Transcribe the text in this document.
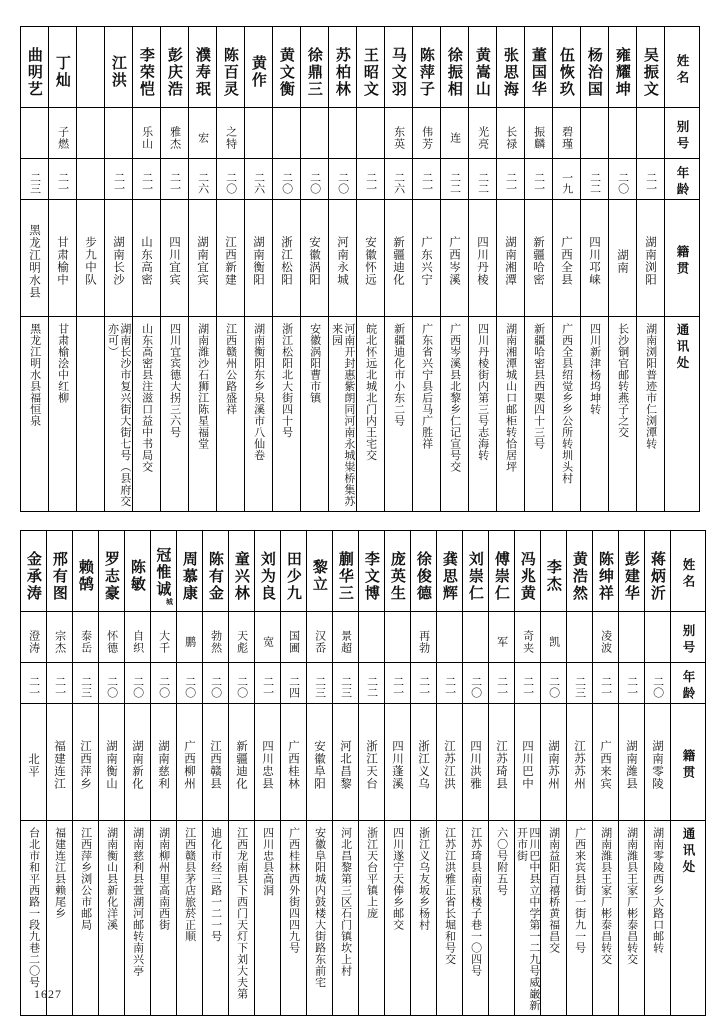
曲明艺	丁灿		江洪	李荣恺	彭庆浩	濮寿珉	陈百灵	黄作	黄文衡	徐鼎三	苏柏林	王昭文	马文羽	陈萍子	徐振相	黄嵩山	张思海	董国华	伍恢玖	杨治国	雍耀坤	吴振文	姓名

	子燃			乐山	雅杰	宏	之特						东英	伟芳	连	光亮	长禄	振麟	碧瑾				别号

二三	二一		二一	二一	二一	二六	二〇	二六	二〇	二〇	二〇	二一	二六	二一	二二	二二	二一	二一	一九	二二	二〇	二一	年龄

黑龙江明水县	甘肃榆中	步九中队	湖南长沙	山东高密	四川宜宾	湖南宜宾	江西新建	湖南衡阳	浙江松阳	安徽涡阳	河南永城	安徽怀远	新疆迪化	广东兴宁	广西岑溪	四川丹棱	湖南湘潭	新疆哈密	广西全县	四川邛崃	湖南	湖南浏阳	籍贯

黑龙江明水县福恒泉	甘肃榆浍中红柳		湖南长沙市复兴街大街七号（县府交亦可）	山东高密县注滋口益中书局交	四川宜宾德大拐三六号	湖南潍沙石狮江陈星福堂	江西赣州公路盛祥	湖南衡阳东乡泉溪市八仙卷	浙江松阳北大街四十号	安徽涡阳曹市镇	河南开封惠紫朗同河南永城粜桥集苏来园	皖北怀远北城北门内王宅交	新疆迪化市小东二号	广东省兴宁县后马广胜祥	广西岑溪县北黎乡仁记宣号交	四川丹棱街内第三号志海转	湖南湘潭城山口邮柜转恰居坪	新疆哈密县西栗四十三号	广西全县绍觉乡乡公所转圳头村	四川新津杨坞坤转	长沙铜官邮转燕子之交	湖南浏阳普迹市仁浏潭转	通讯处
金承涛	邢有图	赖鹄	罗志豪	陈敏	冠惟诚$^城$	周慕康	陈有金	童兴林	刘为良	田少九	黎立	蒯华三	李文博	庞英生	徐俊德	龚思辉	刘崇仁	傅崇仁	冯兆黄	李杰	黄浩然	陈绅祥	彭建华	蒋炳沂	姓名

澄涛	宗杰	泰岳	怀德	自织	大千	鹏	勃然	天彪	宽	国圃	汉岙	景超			再勃			军	奇夹	凯		凌波			别号

二一	二一	二三	二〇	二〇	二〇	二〇	二〇	二〇	二一	二四	二三	二三	二二	二一	二一	二一	二〇	二一	二一	二〇	二三	二一	二一	二〇	年龄

北平	福建连江	江西萍乡	湖南衡山	湖南新化	湖南慈利	广西柳州	江西赣县	新疆迪化	四川忠县	广西桂林	安徽阜阳	河北昌黎	浙江天台	四川蓬溪	浙江义乌	江苏江洪	四川洪雅	江苏琦县	四川巴中	湖南苏州	江苏苏州	广西来宾	湖南潍县	湖南零陵	籍贯

台北市和平西路一段九巷二〇号	福建连江县赖尾乡	江西萍乡浏公市邮局	湖南衡山县新化洋溪	湖南慈利县萱湖河邮转南兴亭	湖南柳州里高南西街	江西赣县茅店旅菸正顺	迪化市经三路一二一号	江西龙南县下西门天灯下刘大夫第	四川忠县高洞	广西桂林西外街四四九号	安徽阜阳城内鼓楼大街路东前宅	河北昌黎第三区石门镇坎上村	浙江天台平镇上庞	四川遂宁天俸乡邮交	浙江义乌友坂乡杨村	江苏江洪雅正省长堀和号交	江苏琦县南京楼子巷一〇四号	六〇号附五号	四川巴中县立中学第一二九号威巌新开市街	湖南益阳百禧桥黄福昌交	广西来宾县街一街九一号	湖南潍县王家厂彬泰昌转交	湖南潍县王家厂彬泰昌转交	湖南零陵西乡大路口邮转	通讯处
1627
